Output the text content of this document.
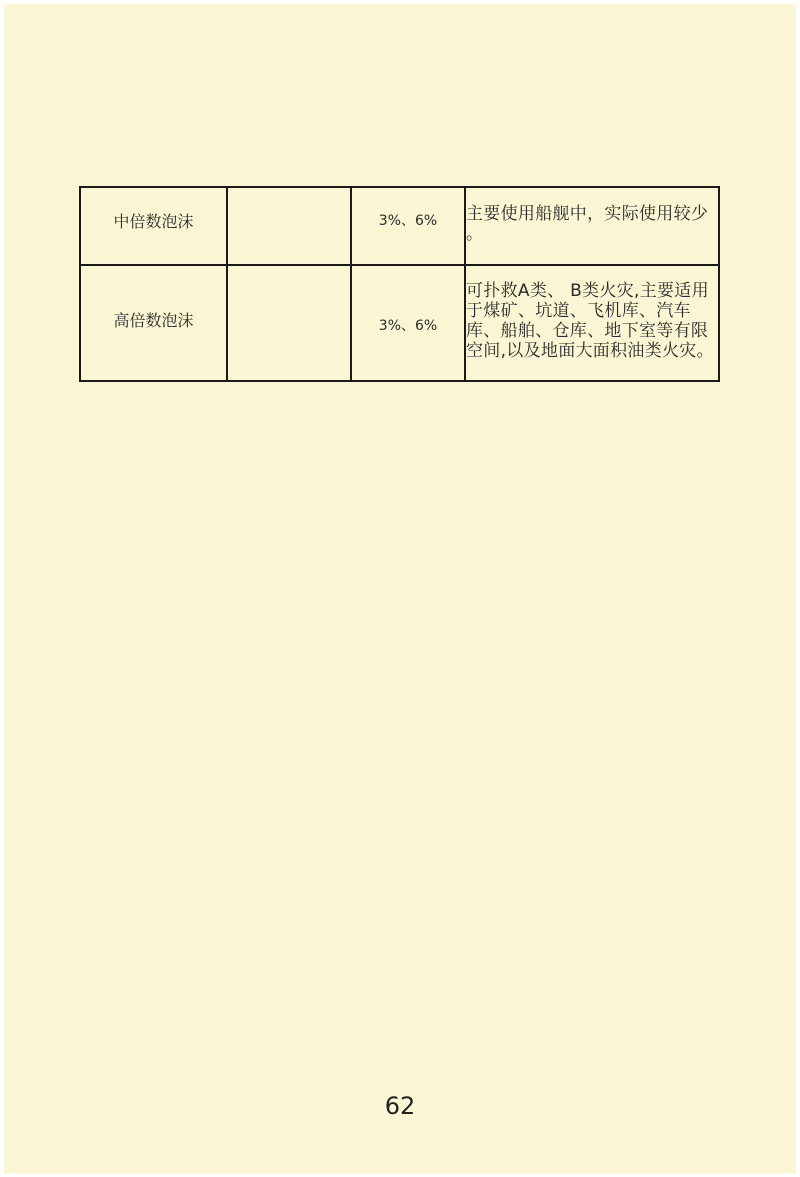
中倍数泡沫		3%、6%	主要使用船舰中，实际使用较少 。

高倍数泡沫		3%、6%	可扑救A类、 B类火灾,主要适用于煤矿、坑道、飞机库、汽车库、船舶、仓库、地下室等有限空间,以及地面大面积油类火灾。
62
